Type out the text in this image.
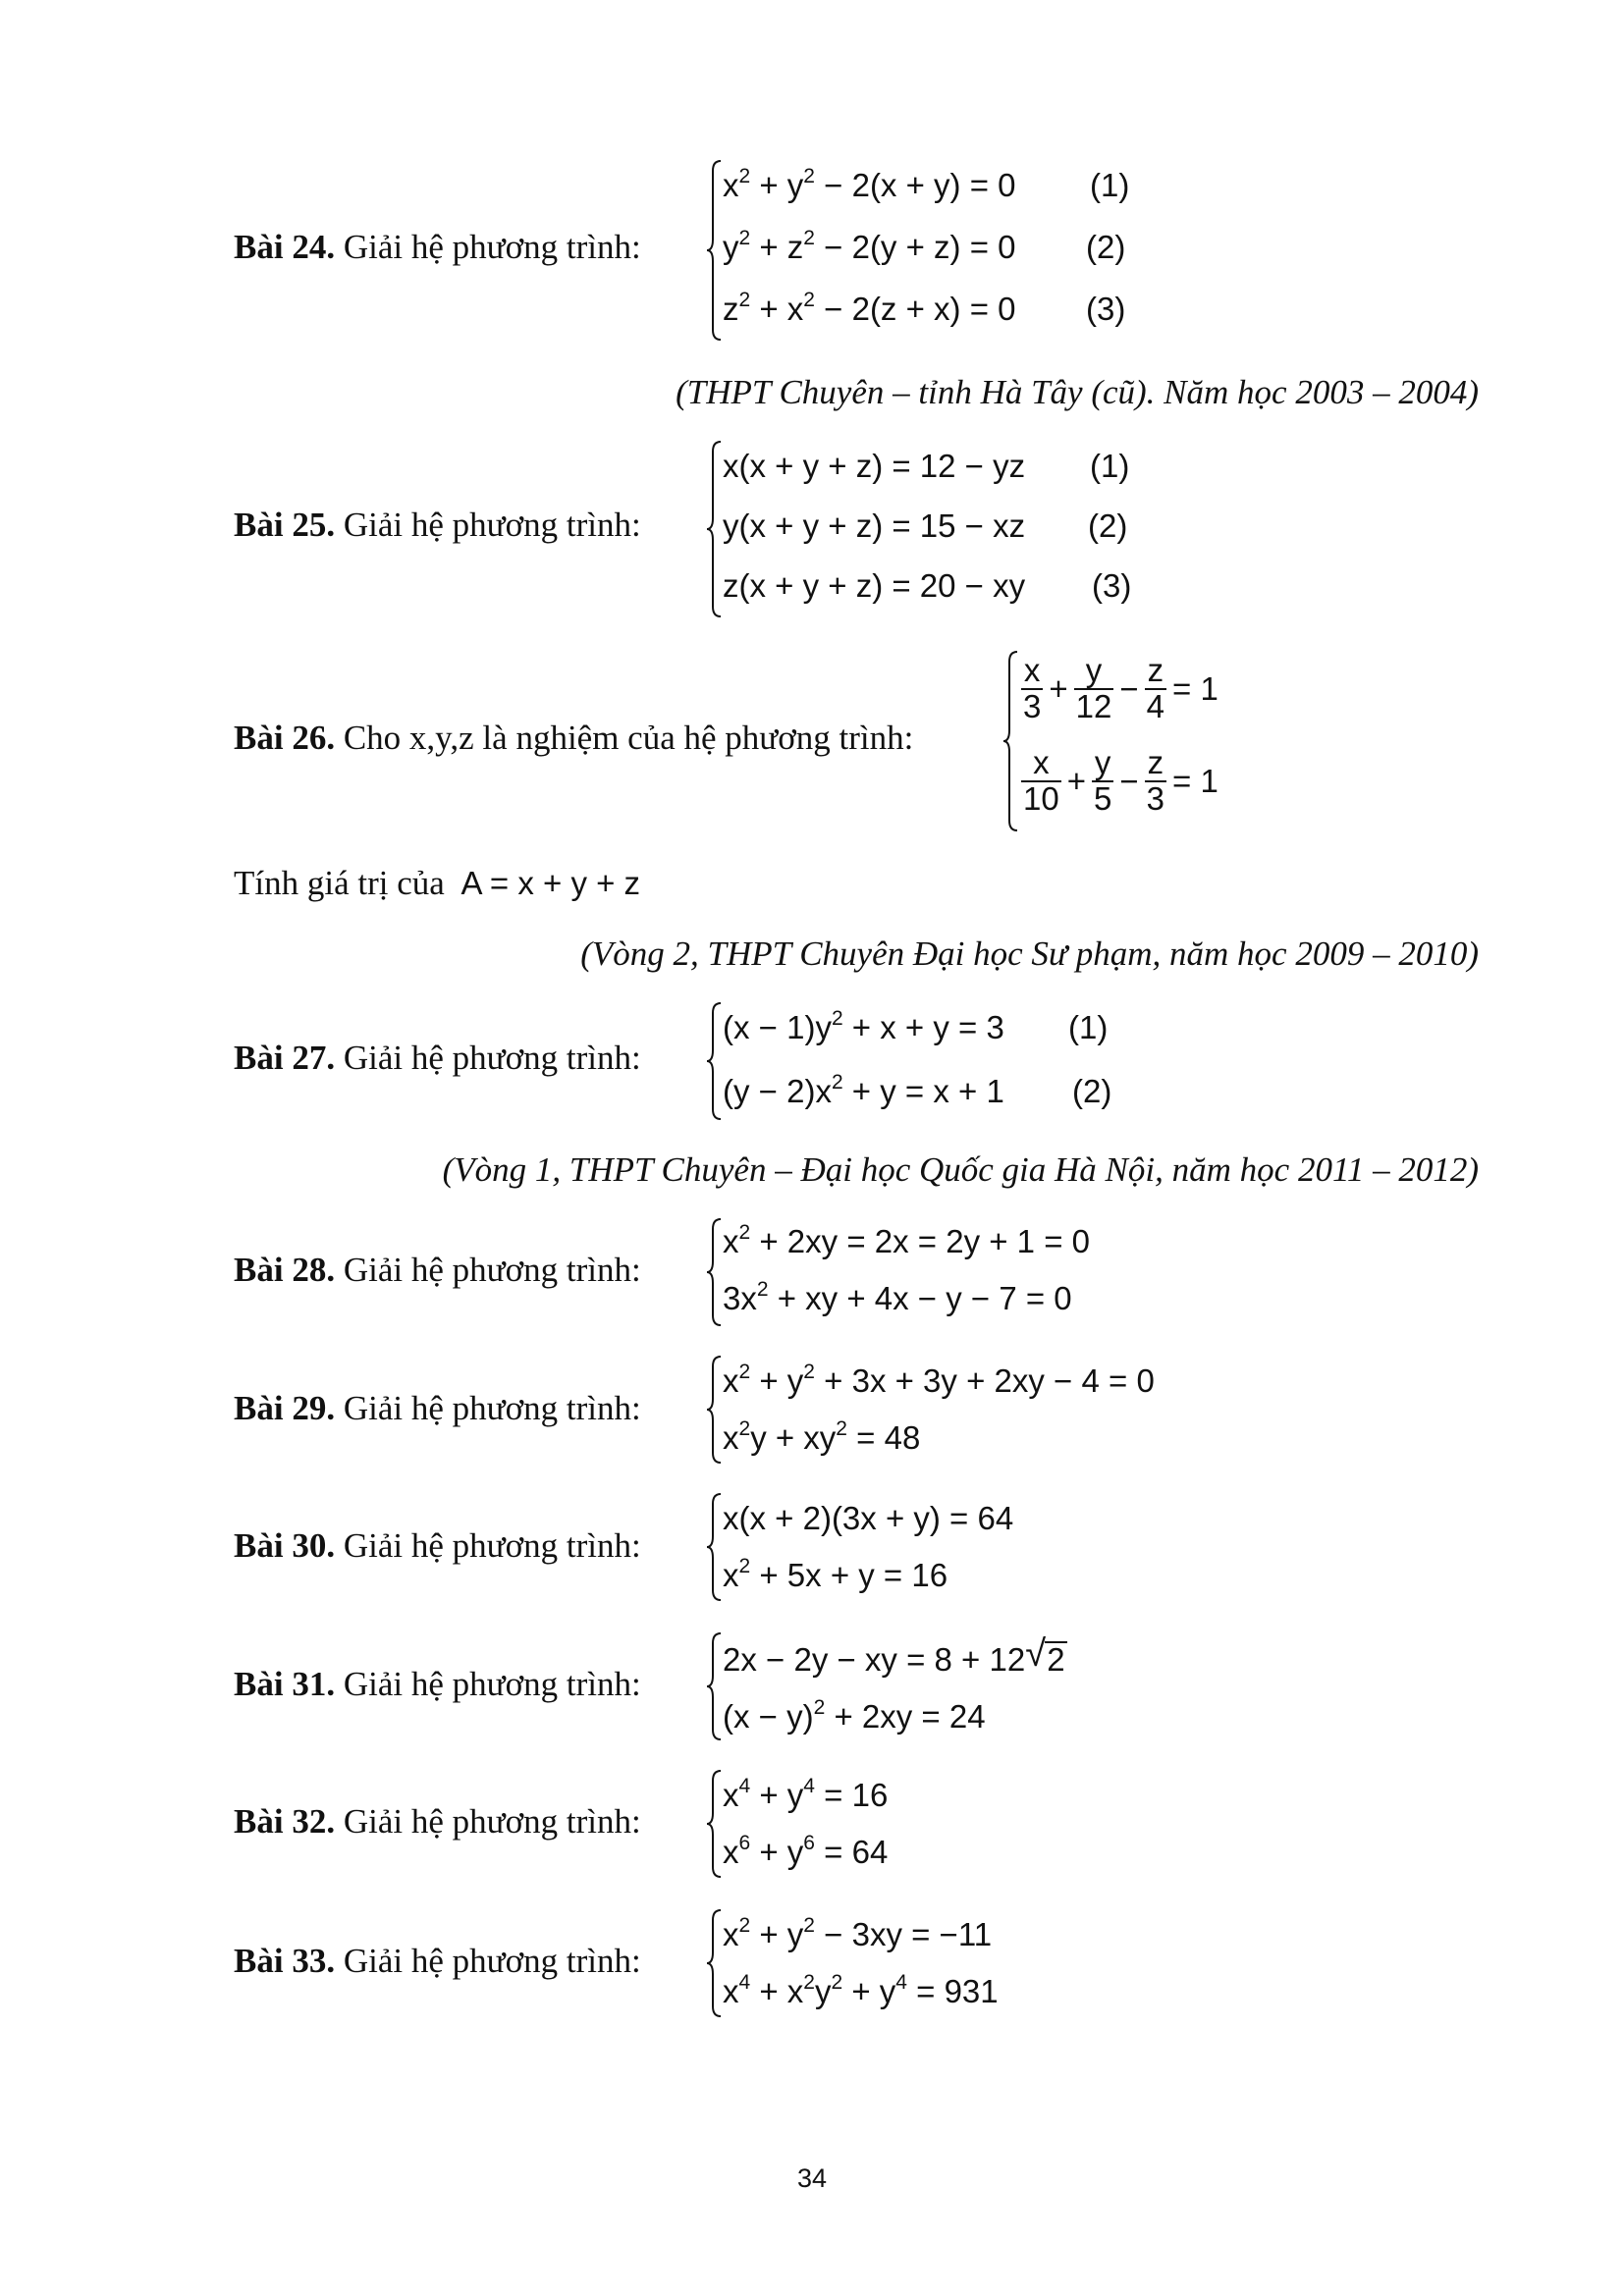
Bài 24. Giải hệ phương trình:
$x^2 + y^2 - 2(x + y) = 0$
$y^2 + z^2 - 2(y + z) = 0$
$z^2 + x^2 - 2(z + x) = 0$
(1)
(2)
(3)
(THPT Chuyên – tỉnh Hà Tây (cũ). Năm học 2003 – 2004)
Bài 25. Giải hệ phương trình:
x(x + y + z) = 12 − yz
y(x + y + z) = 15 − xz
z(x + y + z) = 20 − xy
(1)
(2)
(3)
Bài 26. Cho x,y,z là nghiệm của hệ phương trình:
$\frac{x}{3} + \frac{y}{12} - \frac{z}{4} = 1$
$\frac{x}{10} + \frac{y}{5} - \frac{z}{3} = 1$
Tính giá trị của A = x + y + z
(Vòng 2, THPT Chuyên Đại học Sư phạm, năm học 2009 – 2010)
Bài 27. Giải hệ phương trình:
$(x - 1)y^2 + x + y = 3$
$(y - 2)x^2 + y = x + 1$
(1)
(2)
(Vòng 1, THPT Chuyên – Đại học Quốc gia Hà Nội, năm học 2011 – 2012)
Bài 28. Giải hệ phương trình:
$x^2 + 2xy = 2x = 2y + 1 = 0$
$3x^2$ + xy + 4x − y − 7 = 0
Bài 29. Giải hệ phương trình:
$x^2 + y^2 + 3x + 3y + 2xy - 4 = 0$
$x^2y + xy^2 = 48$
Bài 30. Giải hệ phương trình:
x(x + 2)(3x + y) = 64
$x^2 + 5x + y = 16$
Bài 31. Giải hệ phương trình:
2x − 2y − xy = 8 + 12 √ 2
$(x - y)^2 + 2xy = 24$
Bài 32. Giải hệ phương trình:
$x^4 + y^4 = 16$
$x^6 + y^6 = 64$
Bài 33. Giải hệ phương trình:
$x^2 + y^2 - 3xy = -11$
$x^4 + x^2y^2 + y^4 = 931$
34
